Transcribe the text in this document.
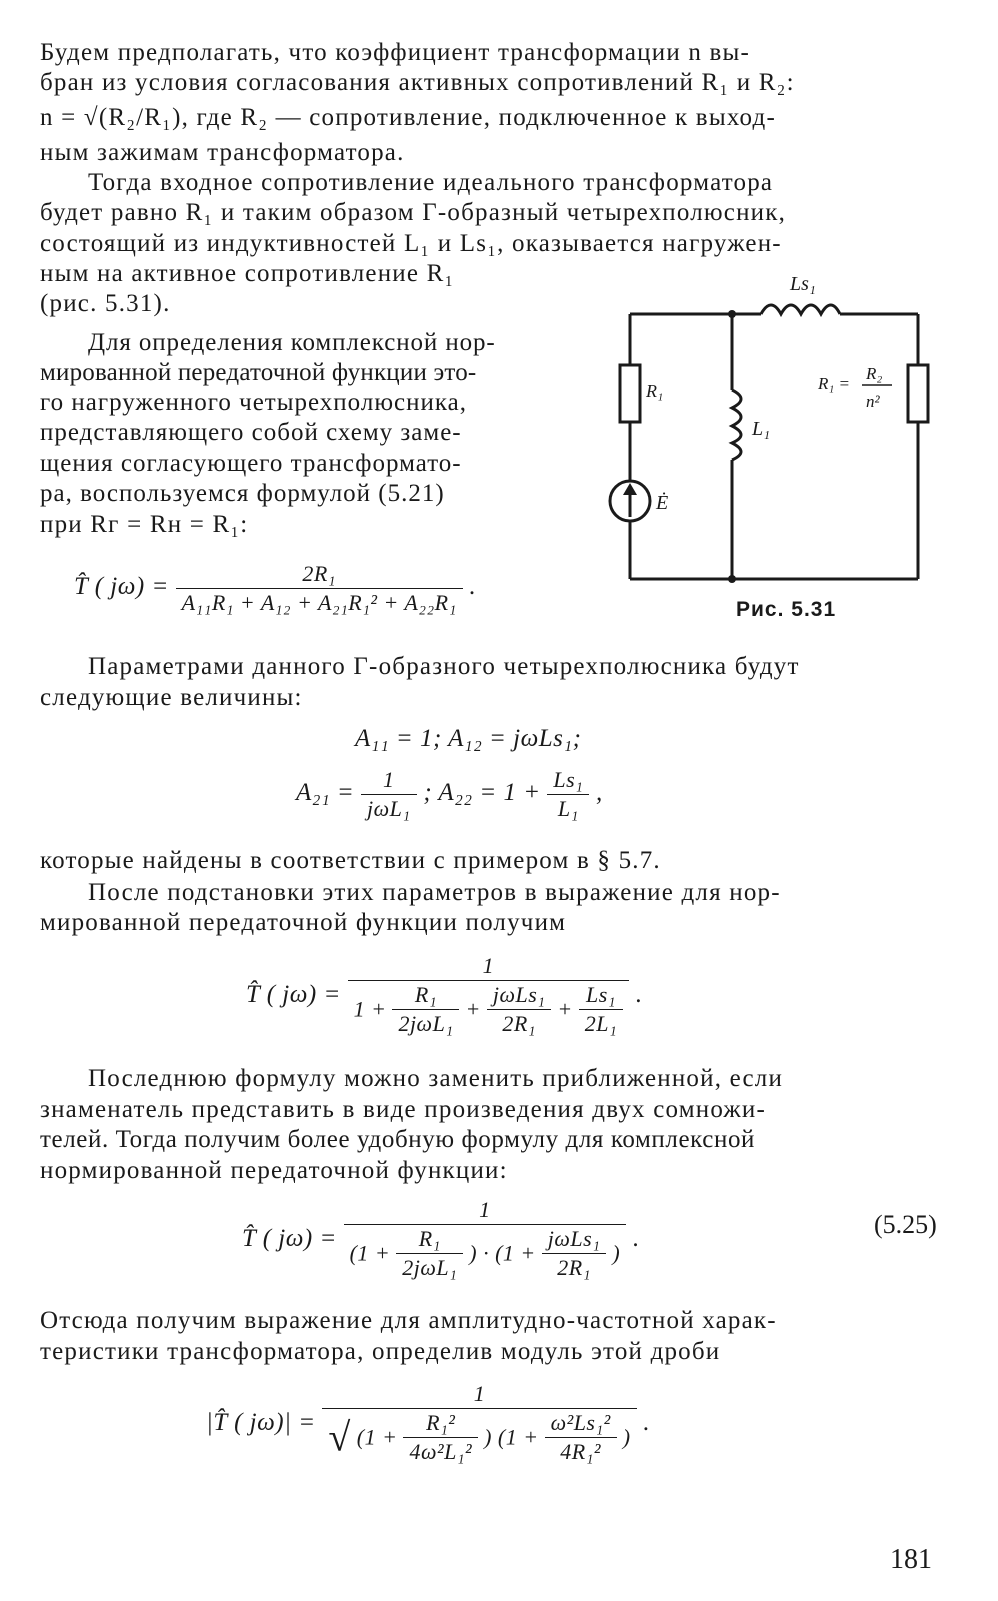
Будем предполагать, что коэффициент трансформации n вы-
бран из условия согласования активных сопротивлений R₁ и R₂:
n = √(R₂/R₁), где R₂ — сопротивление, подключенное к выход-
ным зажимам трансформатора.
Тогда входное сопротивление идеального трансформатора
будет равно R₁ и таким образом Г-образный четырехполюсник,
состоящий из индуктивностей L₁ и Ls₁, оказывается нагружен-
ным на активное сопротивление R₁
(рис. 5.31).
Для определения комплексной нор-
мированной передаточной функции это-
го нагруженного четырехполюсника,
представляющего собой схему заме-
щения согласующего трансформато-
ра, воспользуемся формулой (5.21)
при Rг = Rн = R₁:
T̂ ( $j\omega) = \frac{\text{2R₁}}{\text{A₁₁R₁ + A₁₂ + A₂₁R₁² + A₂₂R₁}}$ .
Ls₁
R₁
L₁
Ė
R₁ =
R₂
n²
Рис. 5.31
Параметрами данного Г-образного четырехполюсника будут
следующие величины:
A₁₁ = 1; A₁₂ = jωLs₁;
$A_{21} = \frac{1}{\text{jωL₁}}$ ; $A_{22} = 1 + \frac{\text{Ls₁}}{\text{L₁}}$ ,
которые найдены в соответствии с примером в § 5.7.
После подстановки этих параметров в выражение для нор-
мированной передаточной функции получим
T̂ ( jω) =
1
$1 + \frac{\text{R₁}}{\text{2jωL₁}} + \frac{\text{jωLs₁}}{\text{2R₁}} + \frac{\text{Ls₁}}{\text{2L₁}}$ .
Последнюю формулу можно заменить приближенной, если
знаменатель представить в виде произведения двух сомножи-
телей. Тогда получим более удобную формулу для комплексной
нормированной передаточной функции:
T̂ ( jω) =
1
($1 + \frac{\text{R₁}}{\text{2jωL₁}}$ ) · ($1 + \frac{\text{jωLs₁}}{\text{2R₁}}$ )
.	(5.25)
Отсюда получим выражение для амплитудно-частотной харак-
теристики трансформатора, определив модуль этой дроби
|T̂ ( jω)| =
1
√ ($1 + \frac{\text{R₁²}}{\text{4ω²L₁²}}$ ) ($1 + \frac{\text{ω²Ls₁²}}{\text{4R₁²}}$ )
.
181
